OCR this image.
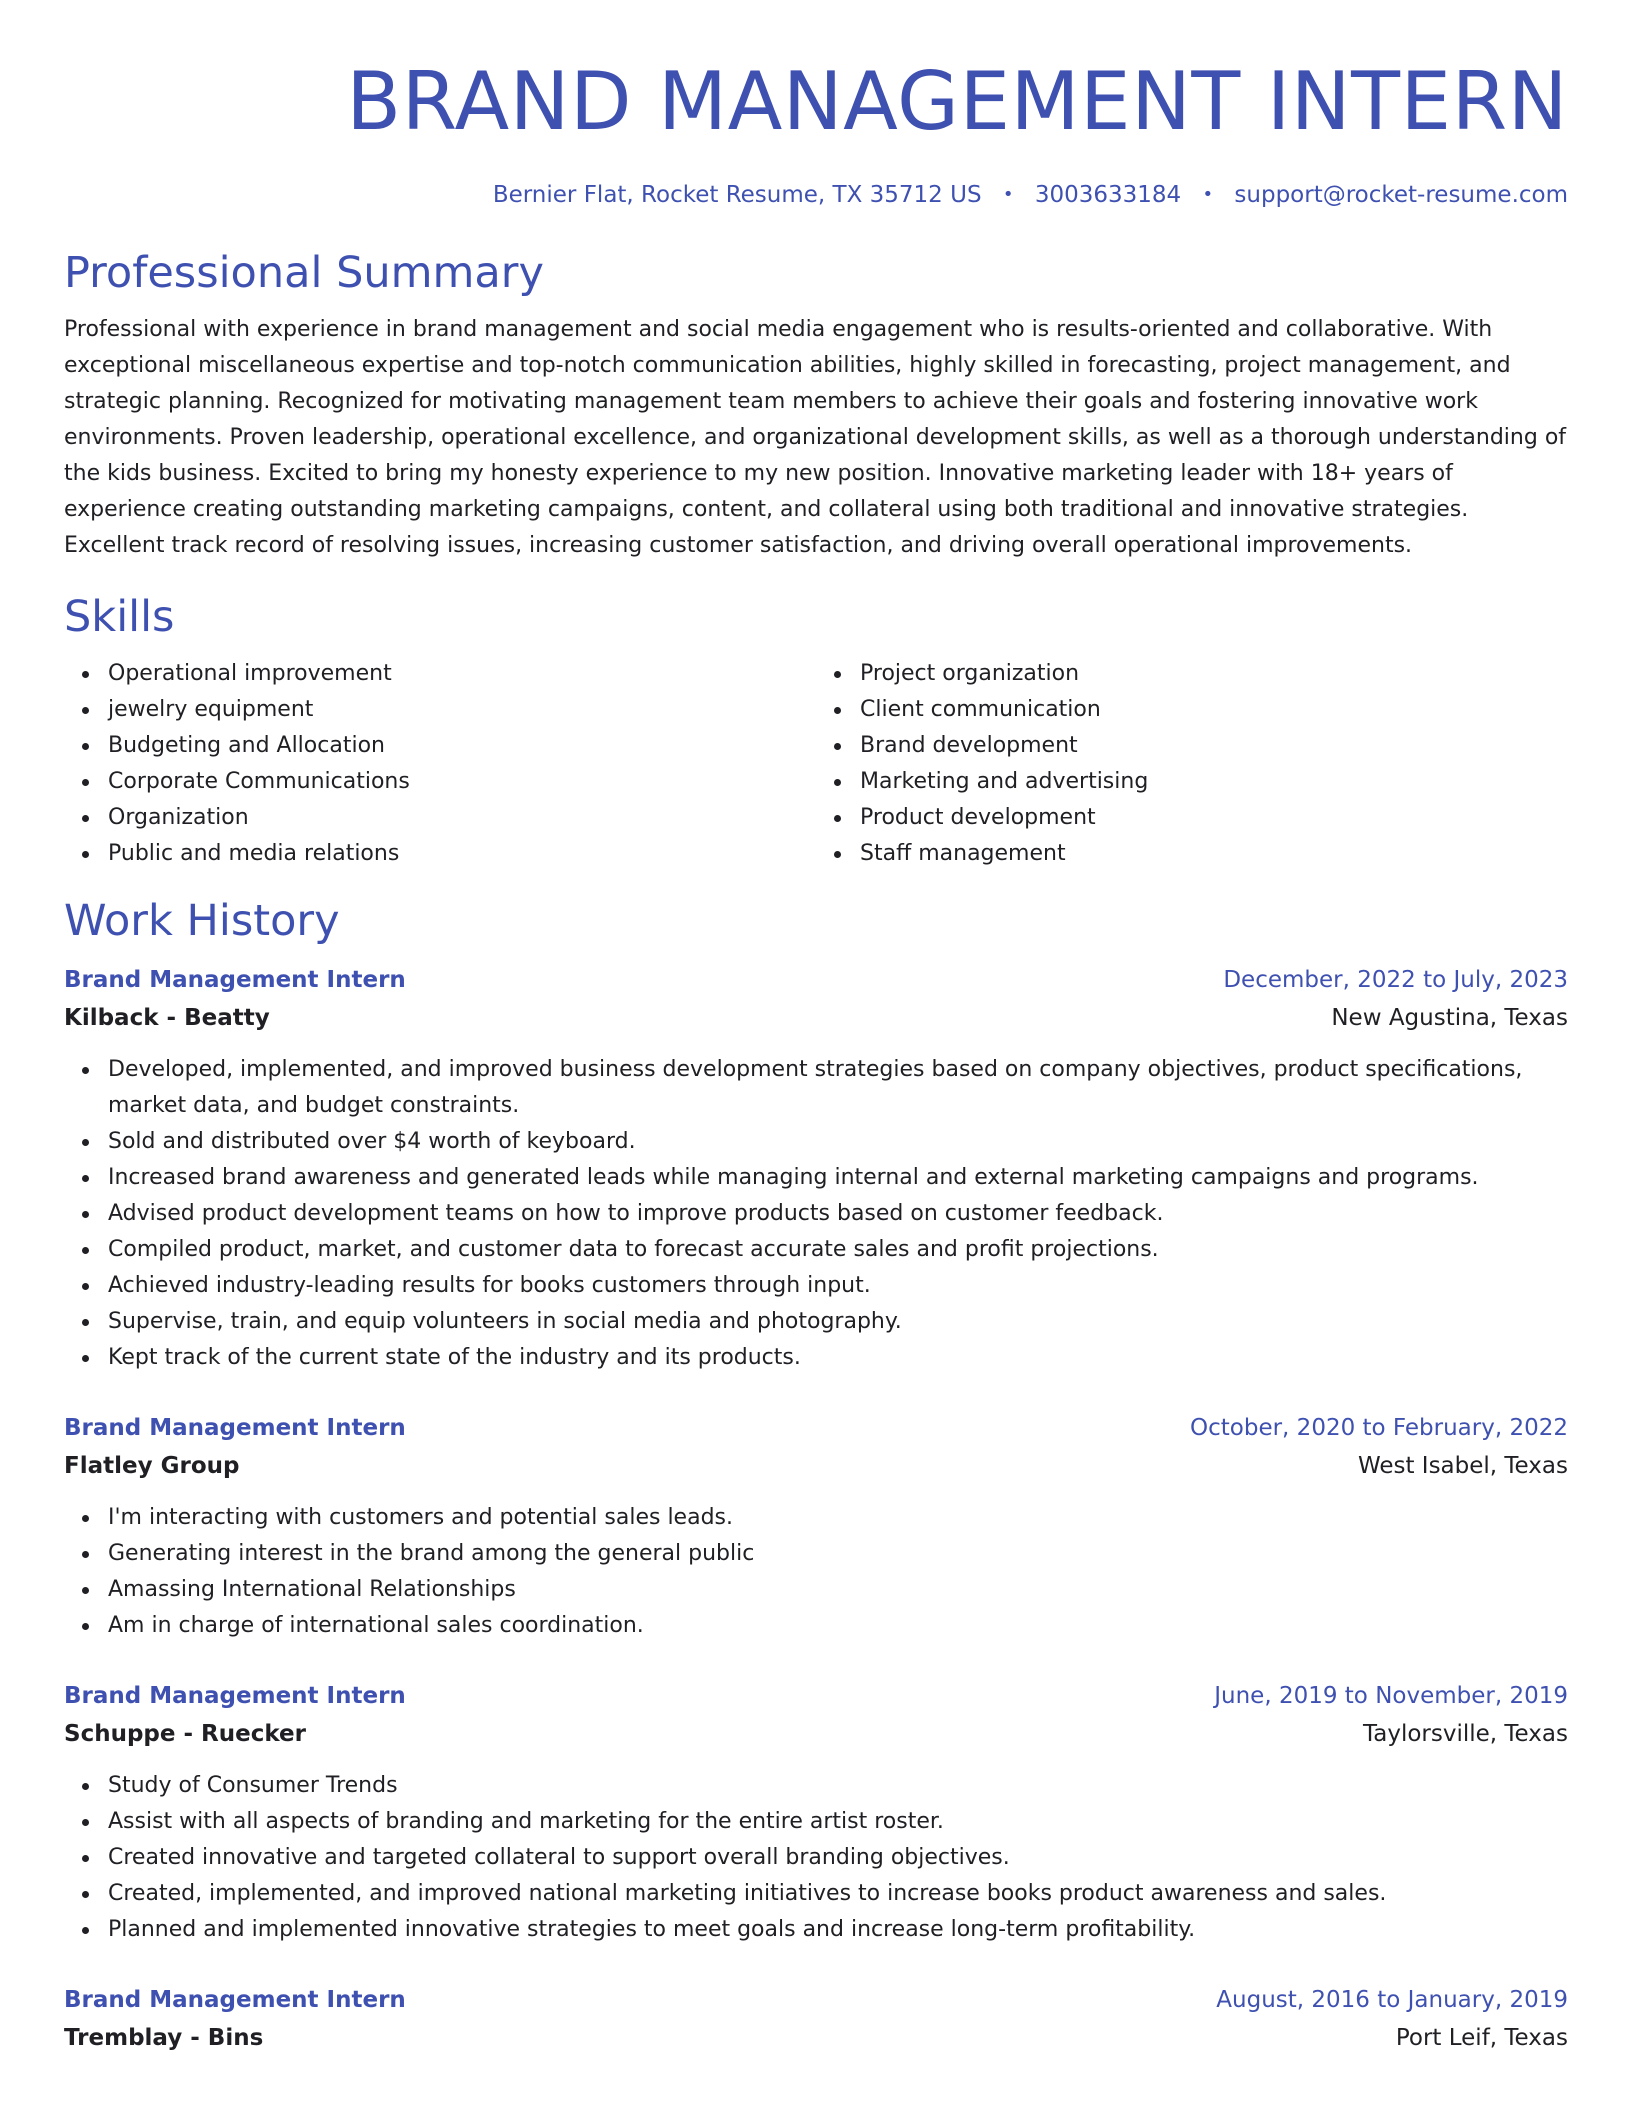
BRAND MANAGEMENT INTERN
Bernier Flat, Rocket Resume, TX 35712 US • 3003633184 • support@rocket-resume.com
Professional Summary

Professional with experience in brand management and social media engagement who is results-oriented and collaborative. With exceptional miscellaneous expertise and top-notch communication abilities, highly skilled in forecasting, project management, and strategic planning. Recognized for motivating management team members to achieve their goals and fostering innovative work environments. Proven leadership, operational excellence, and organizational development skills, as well as a thorough understanding of the kids business. Excited to bring my honesty experience to my new position. Innovative marketing leader with 18+ years of experience creating outstanding marketing campaigns, content, and collateral using both traditional and innovative strategies. Excellent track record of resolving issues, increasing customer satisfaction, and driving overall operational improvements.

Skills
Operational improvement
jewelry equipment
Budgeting and Allocation
Corporate Communications
Organization
Public and media relations
Project organization
Client communication
Brand development
Marketing and advertising
Product development
Staff management
Work History
Brand Management Intern	December, 2022 to July, 2023
Kilback - Beatty	New Agustina, Texas
Developed, implemented, and improved business development strategies based on company objectives, product specifications, market data, and budget constraints.
Sold and distributed over $4 worth of keyboard.
Increased brand awareness and generated leads while managing internal and external marketing campaigns and programs.
Advised product development teams on how to improve products based on customer feedback.
Compiled product, market, and customer data to forecast accurate sales and profit projections.
Achieved industry-leading results for books customers through input.
Supervise, train, and equip volunteers in social media and photography.
Kept track of the current state of the industry and its products.
Brand Management Intern	October, 2020 to February, 2022
Flatley Group	West Isabel, Texas
I'm interacting with customers and potential sales leads.
Generating interest in the brand among the general public
Amassing International Relationships
Am in charge of international sales coordination.
Brand Management Intern	June, 2019 to November, 2019
Schuppe - Ruecker	Taylorsville, Texas
Study of Consumer Trends
Assist with all aspects of branding and marketing for the entire artist roster.
Created innovative and targeted collateral to support overall branding objectives.
Created, implemented, and improved national marketing initiatives to increase books product awareness and sales.
Planned and implemented innovative strategies to meet goals and increase long-term profitability.
Brand Management Intern	August, 2016 to January, 2019
Tremblay - Bins	Port Leif, Texas
